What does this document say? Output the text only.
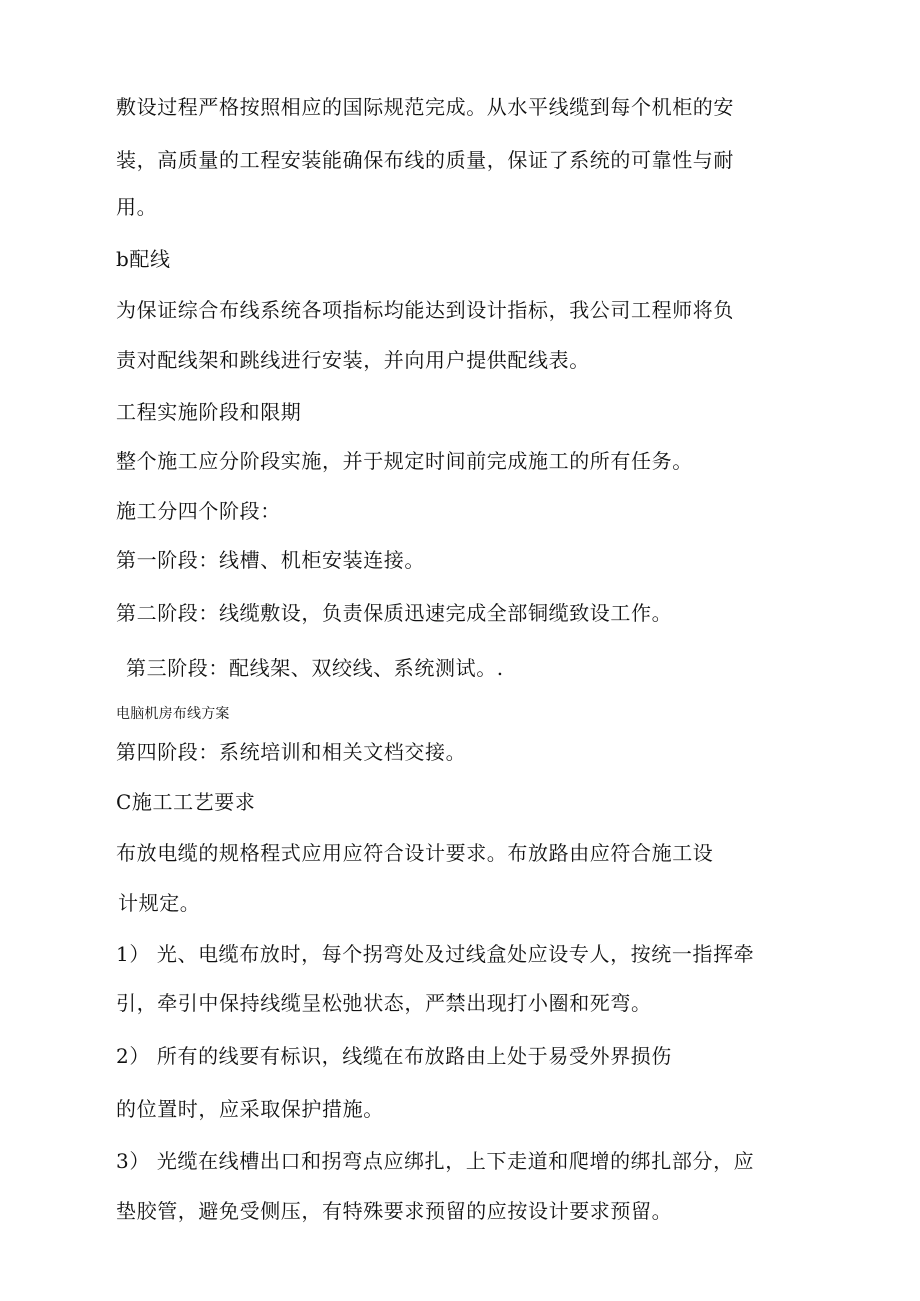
敷设过程严格按照相应的国际规范完成。从水平线缆到每个机柜的安
装，高质量的工程安装能确保布线的质量，保证了系统的可靠性与耐
用。
b配线
为保证综合布线系统各项指标均能达到设计指标，我公司工程师将负
责对配线架和跳线进行安装，并向用户提供配线表。
工程实施阶段和限期
整个施工应分阶段实施，并于规定时间前完成施工的所有任务。
施工分四个阶段：
第一阶段：线槽、机柜安装连接。
第二阶段：线缆敷设，负责保质迅速完成全部铜缆致设工作。
第三阶段：配线架、双绞线、系统测试。.
电脑机房布线方案
第四阶段：系统培训和相关文档交接。
C施工工艺要求
布放电缆的规格程式应用应符合设计要求。布放路由应符合施工设
计规定。
1） 光、电缆布放时，每个拐弯处及过线盒处应设专人，按统一指挥牵
引，牵引中保持线缆呈松弛状态，严禁出现打小圈和死弯。
2） 所有的线要有标识，线缆在布放路由上处于易受外界损伤
的位置时，应采取保护措施。
3） 光缆在线槽出口和拐弯点应绑扎，上下走道和爬增的绑扎部分，应
垫胶管，避免受侧压，有特殊要求预留的应按设计要求预留。
